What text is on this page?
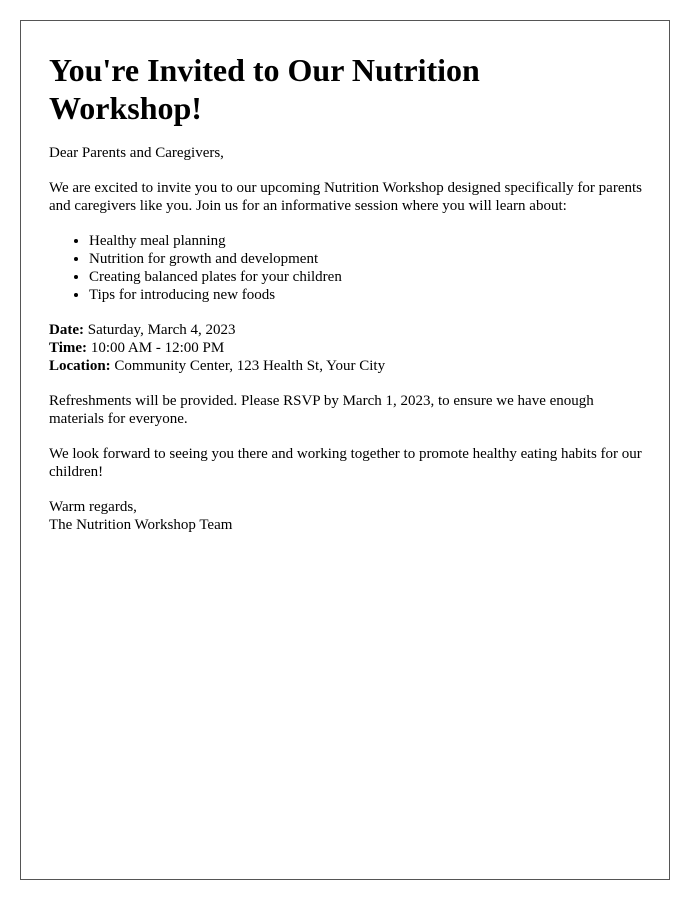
You're Invited to Our Nutrition Workshop!

Dear Parents and Caregivers,

We are excited to invite you to our upcoming Nutrition Workshop designed specifically for parents and caregivers like you. Join us for an informative session where you will learn about:

• Healthy meal planning
• Nutrition for growth and development
• Creating balanced plates for your children
• Tips for introducing new foods
Date: Saturday, March 4, 2023
Time: 10:00 AM - 12:00 PM
Location: Community Center, 123 Health St, Your City

Refreshments will be provided. Please RSVP by March 1, 2023, to ensure we have enough materials for everyone.

We look forward to seeing you there and working together to promote healthy eating habits for our children!

Warm regards,
The Nutrition Workshop Team
